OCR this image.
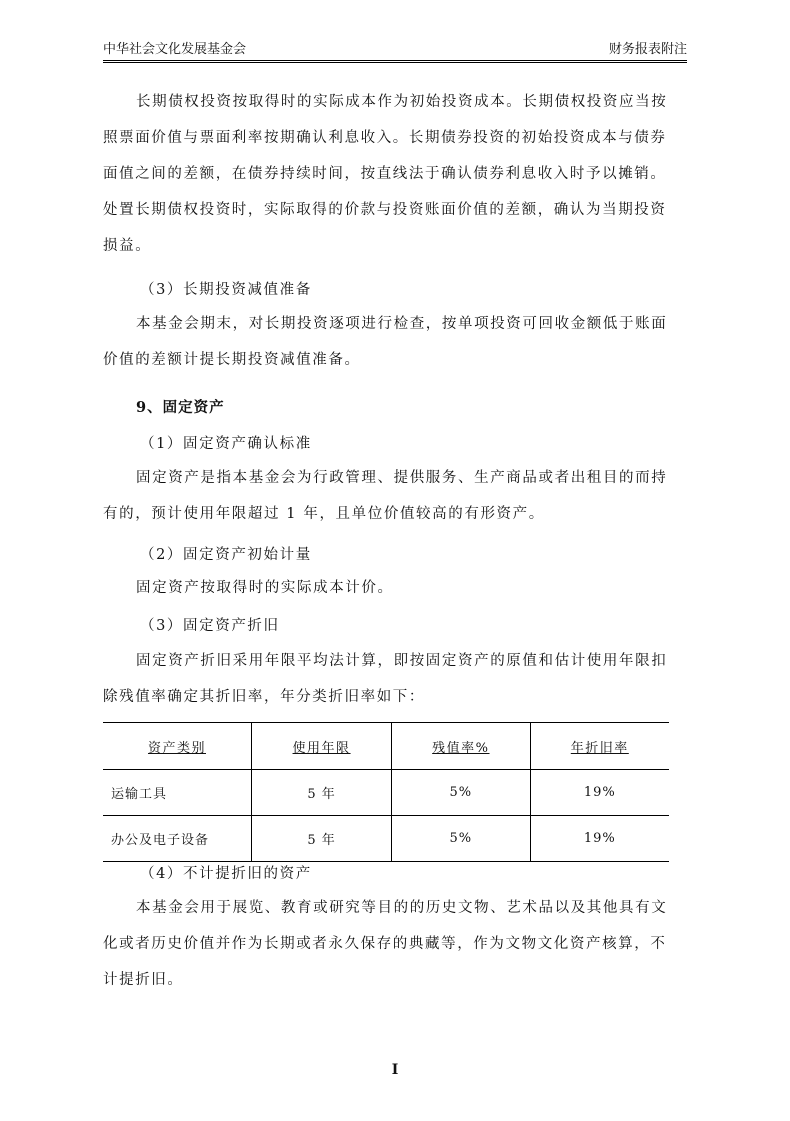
中华社会文化发展基金会	财务报表附注
长期债权投资按取得时的实际成本作为初始投资成本。长期债权投资应当按
照票面价值与票面利率按期确认利息收入。长期债券投资的初始投资成本与债券
面值之间的差额，在债券持续时间，按直线法于确认债券利息收入时予以摊销。
处置长期债权投资时，实际取得的价款与投资账面价值的差额，确认为当期投资
损益。

（3）长期投资减值准备

本基金会期末，对长期投资逐项进行检查，按单项投资可回收金额低于账面
价值的差额计提长期投资减值准备。

9、固定资产

（1）固定资产确认标准

固定资产是指本基金会为行政管理、提供服务、生产商品或者出租目的而持
有的，预计使用年限超过 1 年，且单位价值较高的有形资产。

（2）固定资产初始计量

固定资产按取得时的实际成本计价。

（3）固定资产折旧

固定资产折旧采用年限平均法计算，即按固定资产的原值和估计使用年限扣
除残值率确定其折旧率，年分类折旧率如下：
资产类别	使用年限	残值率%	年折旧率
运输工具	5 年	5%	19%
办公及电子设备	5 年	5%	19%

（4）不计提折旧的资产

本基金会用于展览、教育或研究等目的的历史文物、艺术品以及其他具有文
化或者历史价值并作为长期或者永久保存的典藏等，作为文物文化资产核算，不
计提折旧。
I
